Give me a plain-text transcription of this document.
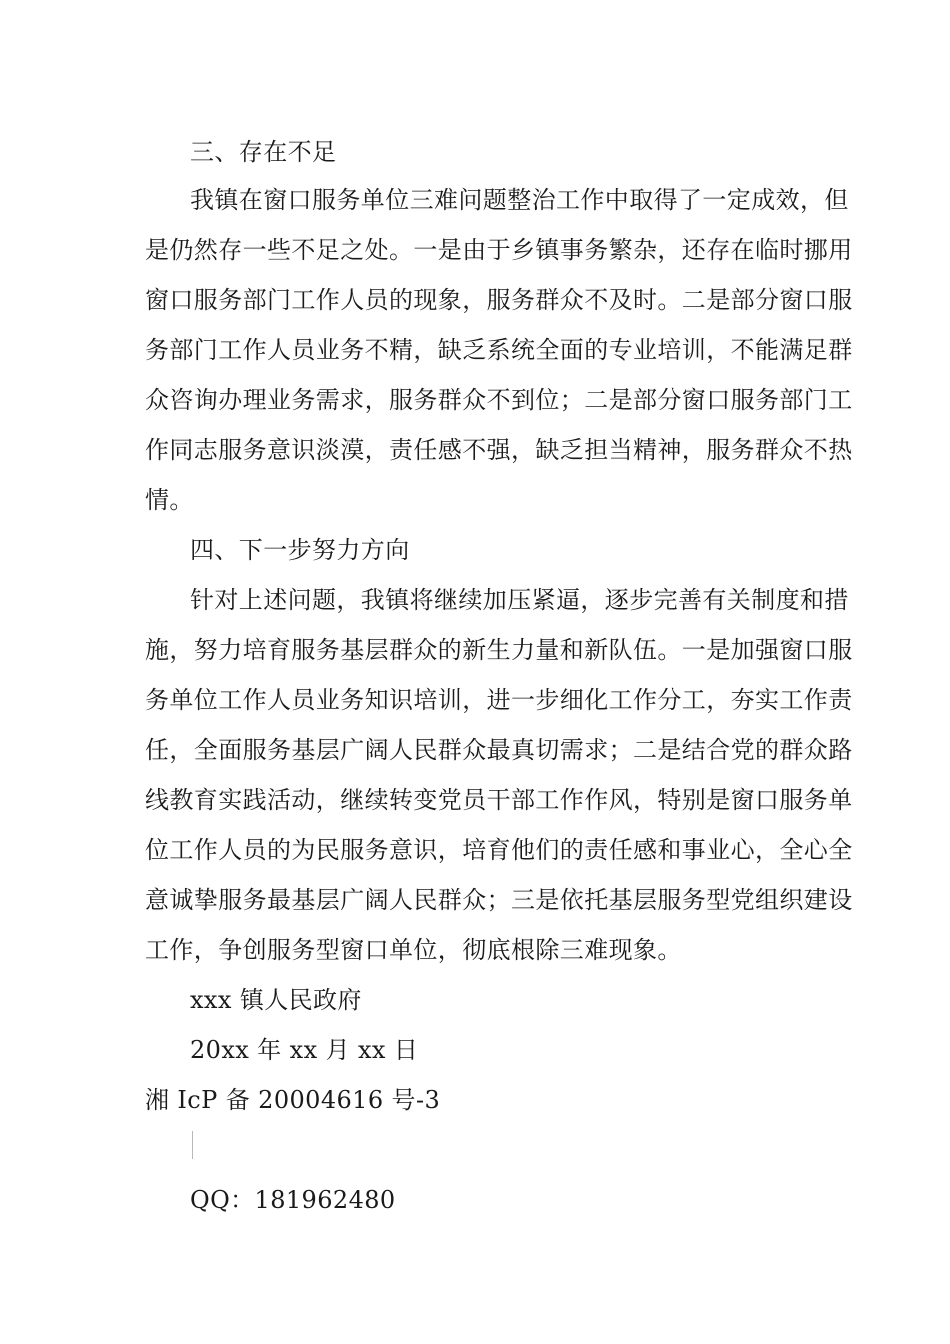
三、存在不足
我镇在窗口服务单位三难问题整治工作中取得了一定成效，但
是仍然存一些不足之处。一是由于乡镇事务繁杂，还存在临时挪用
窗口服务部门工作人员的现象，服务群众不及时。二是部分窗口服
务部门工作人员业务不精，缺乏系统全面的专业培训，不能满足群
众咨询办理业务需求，服务群众不到位；二是部分窗口服务部门工
作同志服务意识淡漠，责任感不强，缺乏担当精神，服务群众不热
情。
四、下一步努力方向
针对上述问题，我镇将继续加压紧逼，逐步完善有关制度和措
施，努力培育服务基层群众的新生力量和新队伍。一是加强窗口服
务单位工作人员业务知识培训，进一步细化工作分工，夯实工作责
任，全面服务基层广阔人民群众最真切需求；二是结合党的群众路
线教育实践活动，继续转变党员干部工作作风，特别是窗口服务单
位工作人员的为民服务意识，培育他们的责任感和事业心，全心全
意诚挚服务最基层广阔人民群众；三是依托基层服务型党组织建设
工作，争创服务型窗口单位，彻底根除三难现象。
xxx 镇人民政府
20xx 年 xx 月 xx 日
湘 IcP 备 20004616 号-3
QQ：181962480
